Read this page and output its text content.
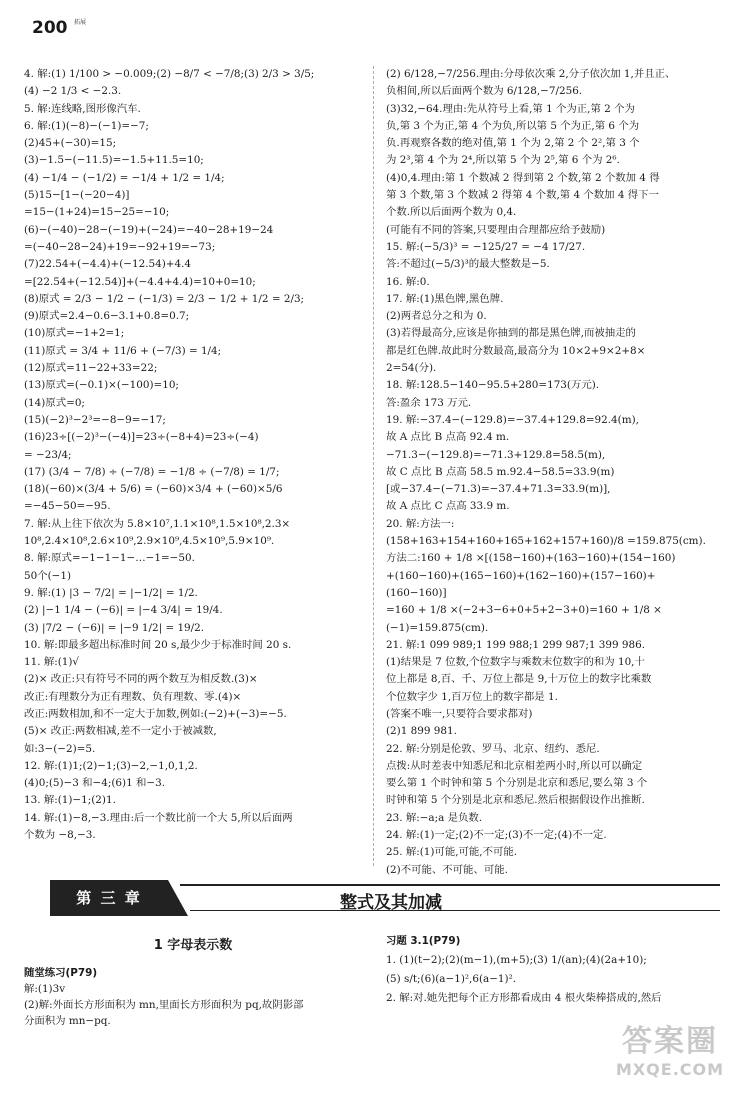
200 拓展
4. 解:(1) 1/100 > −0.009;(2) −8/7 < −7/8;(3) 2/3 > 3/5;
(4) −2 1/3 < −2.3.
5. 解:连线略,图形像汽车.
6. 解:(1)(−8)−(−1)=−7;
(2)45+(−30)=15;
(3)−1.5−(−11.5)=−1.5+11.5=10;
(4) −1/4 − (−1/2) = −1/4 + 1/2 = 1/4;
(5)15−[1−(−20−4)]
=15−(1+24)=15−25=−10;
(6)−(−40)−28−(−19)+(−24)=−40−28+19−24
=(−40−28−24)+19=−92+19=−73;
(7)22.54+(−4.4)+(−12.54)+4.4
=[22.54+(−12.54)]+(−4.4+4.4)=10+0=10;
(8)原式 = 2/3 − 1/2 − (−1/3) = 2/3 − 1/2 + 1/2 = 2/3;
(9)原式=2.4−0.6−3.1+0.8=0.7;
(10)原式=−1+2=1;
(11)原式 = 3/4 + 11/6 + (−7/3) = 1/4;
(12)原式=11−22+33=22;
(13)原式=(−0.1)×(−100)=10;
(14)原式=0;
(15)(−2)³−2³=−8−9=−17;
(16)23÷[(−2)³−(−4)]=23÷(−8+4)=23÷(−4)
= −23/4;
(17) (3/4 − 7/8) ÷ (−7/8) = −1/8 ÷ (−7/8) = 1/7;
(18)(−60)×(3/4 + 5/6) = (−60)×3/4 + (−60)×5/6
=−45−50=−95.
7. 解:从上往下依次为 5.8×10⁷,1.1×10⁸,1.5×10⁸,2.3×
10⁸,2.4×10⁸,2.6×10⁹,2.9×10⁹,4.5×10⁹,5.9×10⁹.
8. 解:原式=−1−1−1−…−1=−50.
50个(−1)
9. 解:(1) |3 − 7/2| = |−1/2| = 1/2.
(2) |−1 1/4 − (−6)| = |−4 3/4| = 19/4.
(3) |7/2 − (−6)| = |−9 1/2| = 19/2.
10. 解:即最多超出标准时间 20 s,最少少于标准时间 20 s.
11. 解:(1)√
(2)× 改正:只有符号不同的两个数互为相反数.(3)×
改正:有理数分为正有理数、负有理数、零.(4)×
改正:两数相加,和不一定大于加数,例如:(−2)+(−3)=−5.
(5)× 改正:两数相减,差不一定小于被减数,
如:3−(−2)=5.
12. 解:(1)1;(2)−1;(3)−2,−1,0,1,2.
(4)0;(5)−3 和−4;(6)1 和−3.
13. 解:(1)−1;(2)1.
14. 解:(1)−8,−3.理由:后一个数比前一个大 5,所以后面两
个数为 −8,−3.
(2) 6/128,−7/256.理由:分母依次乘 2,分子依次加 1,并且正、
负相间,所以后面两个数为 6/128,−7/256.
(3)32,−64.理由:先从符号上看,第 1 个为正,第 2 个为
负,第 3 个为正,第 4 个为负,所以第 5 个为正,第 6 个为
负.再观察各数的绝对值,第 1 个为 2,第 2 个 2²,第 3 个
为 2³,第 4 个为 2⁴,所以第 5 个为 2⁵,第 6 个为 2⁶.
(4)0,4.理由:第 1 个数减 2 得到第 2 个数,第 2 个数加 4 得
第 3 个数,第 3 个数减 2 得第 4 个数,第 4 个数加 4 得下一
个数.所以后面两个数为 0,4.
(可能有不同的答案,只要理由合理都应给予鼓励)
15. 解:(−5/3)³ = −125/27 = −4 17/27.
答:不超过(−5/3)³的最大整数是−5.
16. 解:0.
17. 解:(1)黑色牌,黑色牌.
(2)两者总分之和为 0.
(3)若得最高分,应该是你抽到的都是黑色牌,而被抽走的
都是红色牌.故此时分数最高,最高分为 10×2+9×2+8×
2=54(分).
18. 解:128.5−140−95.5+280=173(万元).
答:盈余 173 万元.
19. 解:−37.4−(−129.8)=−37.4+129.8=92.4(m),
故 A 点比 B 点高 92.4 m.
−71.3−(−129.8)=−71.3+129.8=58.5(m),
故 C 点比 B 点高 58.5 m.92.4−58.5=33.9(m)
[或−37.4−(−71.3)=−37.4+71.3=33.9(m)],
故 A 点比 C 点高 33.9 m.
20. 解:方法一:
(158+163+154+160+165+162+157+160)/8 =159.875(cm).
方法二:160 + 1/8 ×[(158−160)+(163−160)+(154−160)
+(160−160)+(165−160)+(162−160)+(157−160)+
(160−160)]
=160 + 1/8 ×(−2+3−6+0+5+2−3+0)=160 + 1/8 ×
(−1)=159.875(cm).
21. 解:1 099 989;1 199 988;1 299 987;1 399 986.
(1)结果是 7 位数,个位数字与乘数末位数字的和为 10,十
位上都是 8,百、千、万位上都是 9,十万位上的数字比乘数
个位数字少 1,百万位上的数字都是 1.
(答案不唯一,只要符合要求都对)
(2)1 899 981.
22. 解:分别是伦敦、罗马、北京、纽约、悉尼.
点拨:从时差表中知悉尼和北京相差两小时,所以可以确定
要么第 1 个时钟和第 5 个分别是北京和悉尼,要么第 3 个
时钟和第 5 个分别是北京和悉尼.然后根据假设作出推断.
23. 解:−a;a 是负数.
24. 解:(1)一定;(2)不一定;(3)不一定;(4)不一定.
25. 解:(1)可能,可能,不可能.
(2)不可能、不可能、可能.
第 三 章	整式及其加减
1 字母表示数
随堂练习(P79)
解:(1)3v
(2)解:外面长方形面积为 mn,里面长方形面积为 pq,故阴影部
分面积为 mn−pq.
习题 3.1(P79)
1. (1)(t−2);(2)(m−1),(m+5);(3) 1/(an);(4)(2a+10);
(5) s/t;(6)(a−1)²,6(a−1)².
2. 解:对.她先把每个正方形都看成由 4 根火柴棒搭成的,然后
答案圈
MXQE.COM
